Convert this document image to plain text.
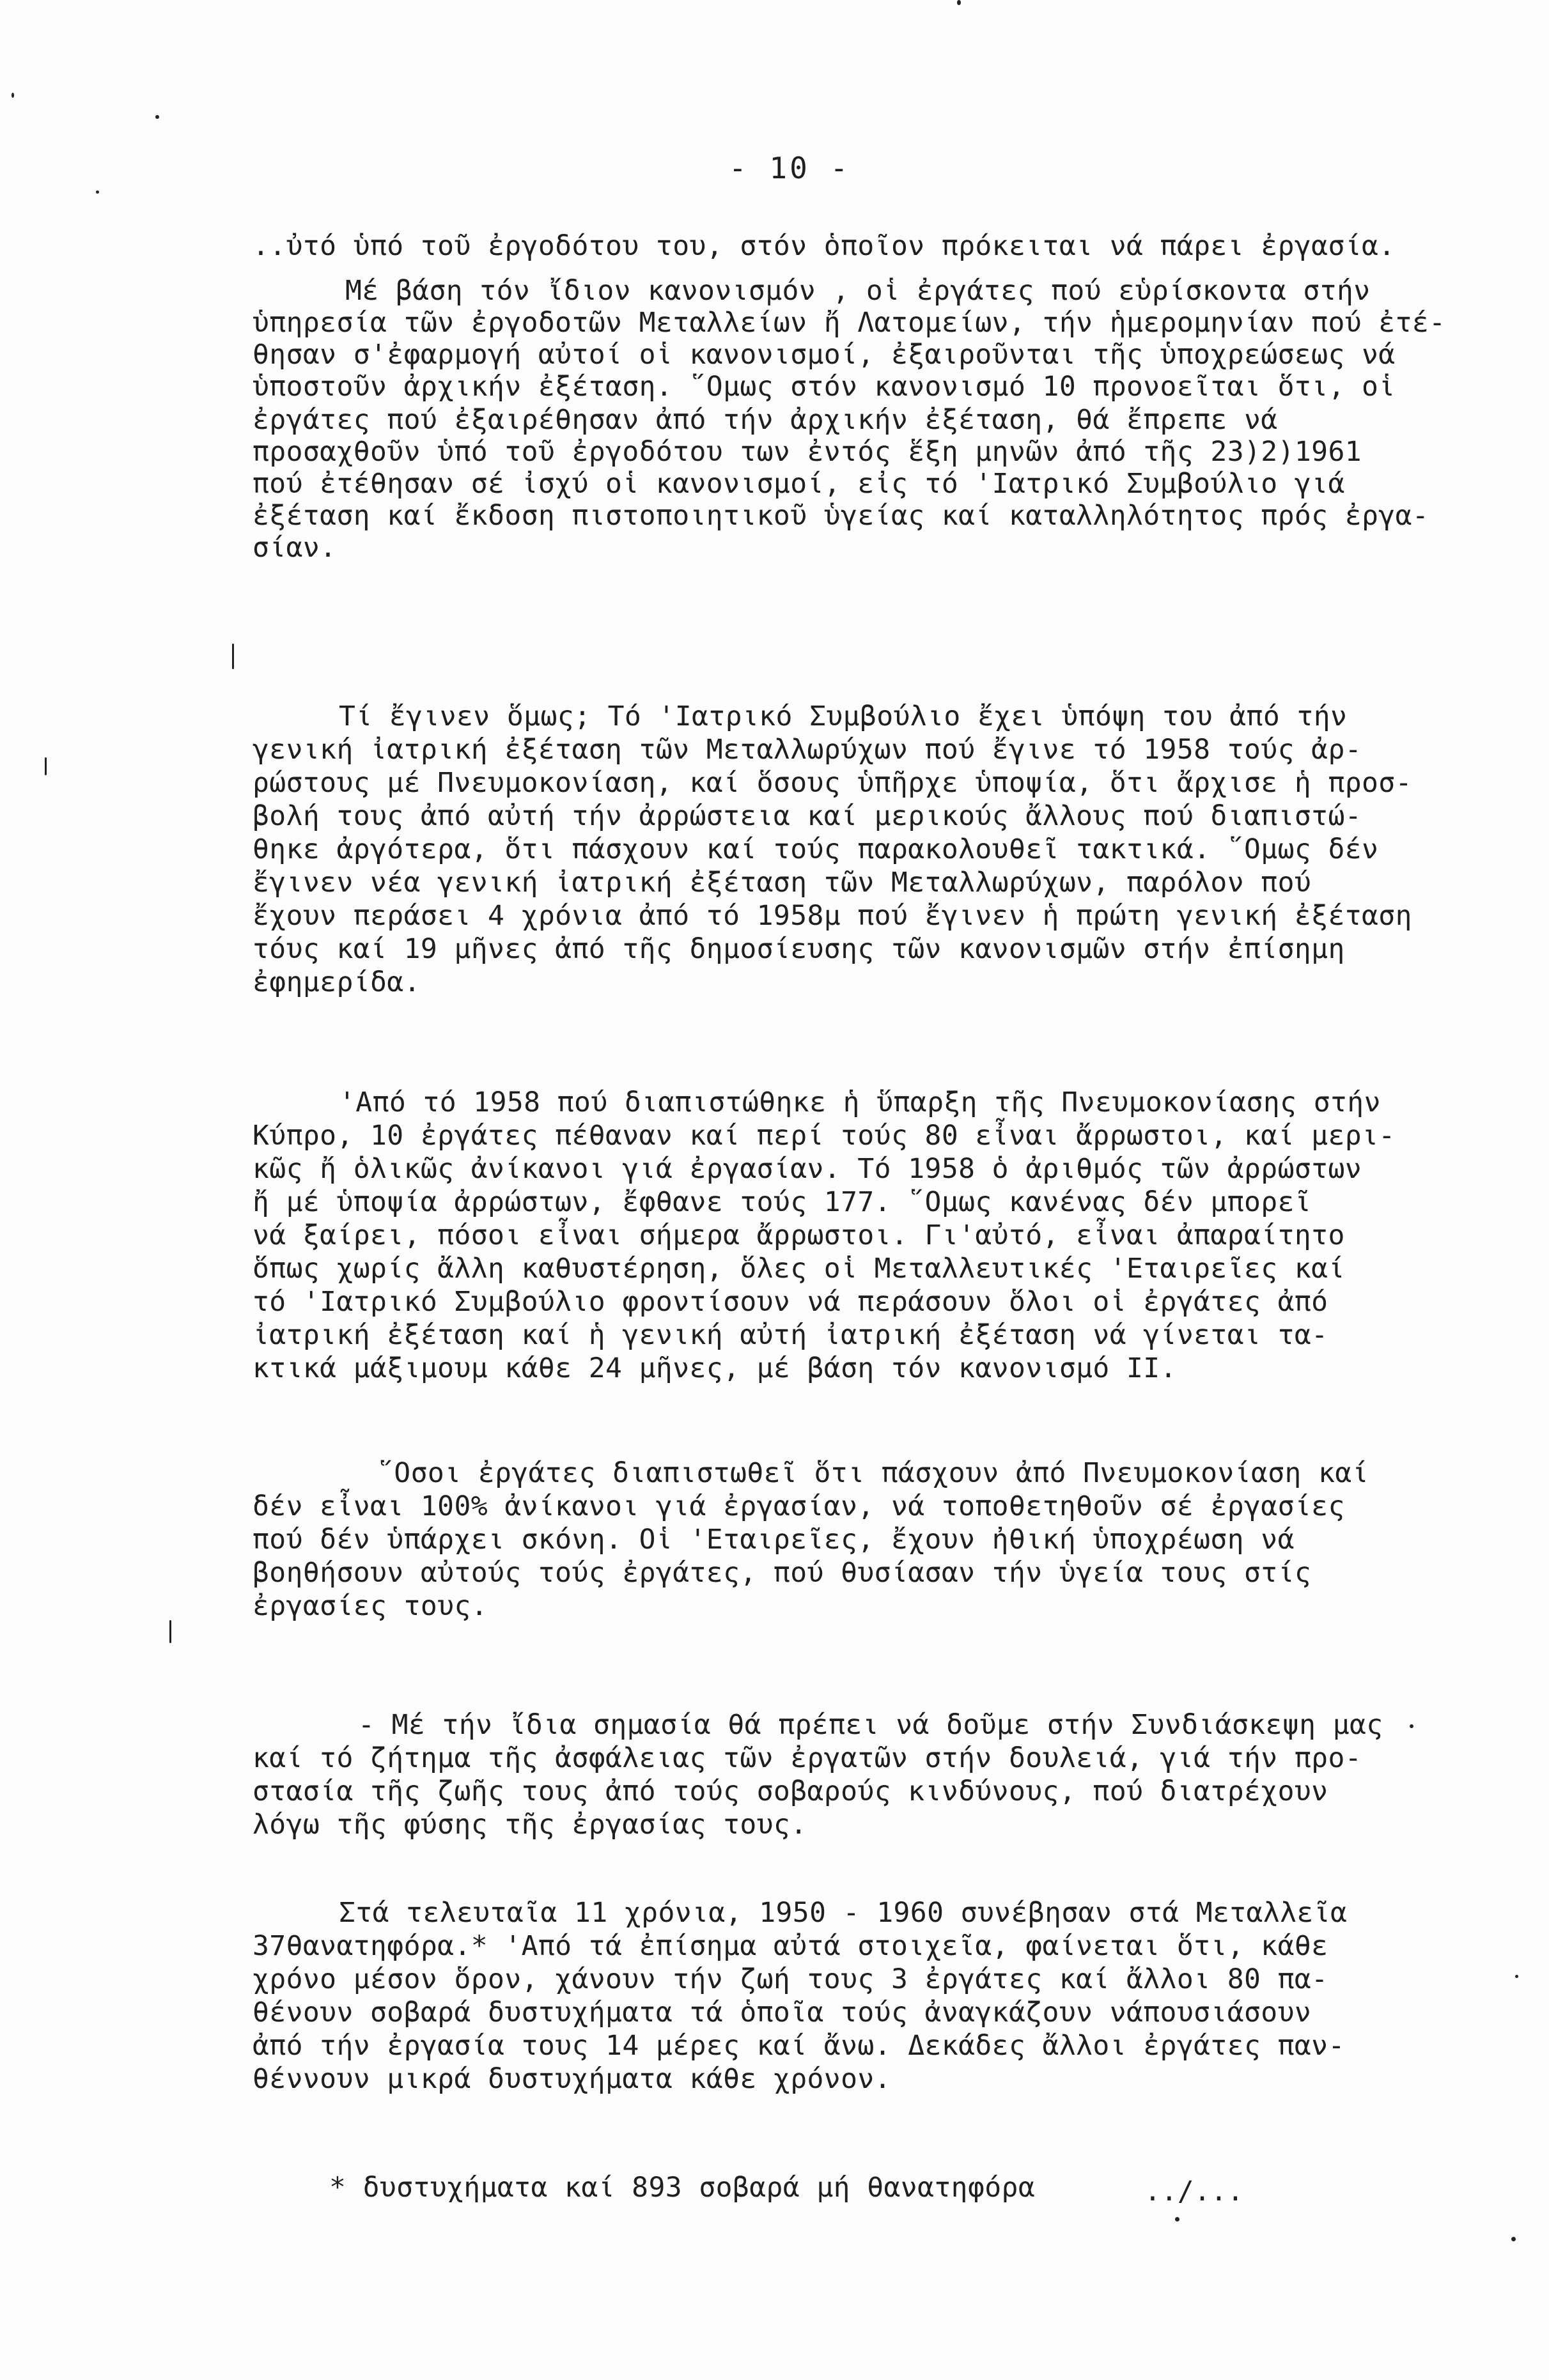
- 10 -
..ὐτό ὑπό τοῦ ἐργοδότου του, στόν ὁποῖον πρόκειται νά πάρει ἐργασία.
Μέ βάση τόν ἴδιον κανονισμόν , οἱ ἐργάτες πού εὑρίσκοντα στήν
ὑπηρεσία τῶν ἐργοδοτῶν Μεταλλείων ἤ Λατομείων, τήν ἡμερομηνίαν πού ἐτέ-
θησαν σ'ἐφαρμογή αὐτοί οἱ κανονισμοί, ἐξαιροῦνται τῆς ὑποχρεώσεως νά
ὑποστοῦν ἀρχικήν ἐξέταση. ῞Ομως στόν κανονισμό 10 προνοεῖται ὅτι, οἱ
ἐργάτες πού ἐξαιρέθησαν ἀπό τήν ἀρχικήν ἐξέταση, θά ἔπρεπε νά
προσαχθοῦν ὑπό τοῦ ἐργοδότου των ἐντός ἕξη μηνῶν ἀπό τῆς 23)2)1961
πού ἐτέθησαν σέ ἰσχύ οἱ κανονισμοί, εἰς τό 'Ιατρικό Συμβούλιο γιά
ἐξέταση καί ἔκδοση πιστοποιητικοῦ ὑγείας καί καταλληλότητος πρός ἐργα-
σίαν.
Τί ἔγινεν ὅμως; Τό 'Ιατρικό Συμβούλιο ἔχει ὑπόψη του ἀπό τήν
γενική ἰατρική ἐξέταση τῶν Μεταλλωρύχων πού ἔγινε τό 1958 τούς ἀρ-
ρώστους μέ Πνευμοκονίαση, καί ὅσους ὑπῆρχε ὑποψία, ὅτι ἄρχισε ἡ προσ-
βολή τους ἀπό αὐτή τήν ἀρρώστεια καί μερικούς ἄλλους πού διαπιστώ-
θηκε ἀργότερα, ὅτι πάσχουν καί τούς παρακολουθεῖ τακτικά. ῞Ομως δέν
ἔγινεν νέα γενική ἰατρική ἐξέταση τῶν Μεταλλωρύχων, παρόλον πού
ἔχουν περάσει 4 χρόνια ἀπό τό 1958μ πού ἔγινεν ἡ πρώτη γενική ἐξέταση
τόυς καί 19 μῆνες ἀπό τῆς δημοσίευσης τῶν κανονισμῶν στήν ἐπίσημη
ἐφημερίδα.
'Από τό 1958 πού διαπιστώθηκε ἡ ὕπαρξη τῆς Πνευμοκονίασης στήν
Κύπρο, 10 ἐργάτες πέθαναν καί περί τούς 80 εἶναι ἄρρωστοι, καί μερι-
κῶς ἤ ὁλικῶς ἀνίκανοι γιά ἐργασίαν. Τό 1958 ὁ ἀριθμός τῶν ἀρρώστων
ἤ μέ ὑποψία ἀρρώστων, ἔφθανε τούς 177. ῞Ομως κανένας δέν μπορεῖ
νά ξαίρει, πόσοι εἶναι σήμερα ἄρρωστοι. Γι'αὐτό, εἶναι ἀπαραίτητο
ὅπως χωρίς ἄλλη καθυστέρηση, ὅλες οἱ Μεταλλευτικές 'Εταιρεῖες καί
τό 'Ιατρικό Συμβούλιο φροντίσουν νά περάσουν ὅλοι οἱ ἐργάτες ἀπό
ἰατρική ἐξέταση καί ἡ γενική αὐτή ἰατρική ἐξέταση νά γίνεται τα-
κτικά μάξιμουμ κάθε 24 μῆνες, μέ βάση τόν κανονισμό ΙΙ.
῞Οσοι ἐργάτες διαπιστωθεῖ ὅτι πάσχουν ἀπό Πνευμοκονίαση καί
δέν εἶναι 100% ἀνίκανοι γιά ἐργασίαν, νά τοποθετηθοῦν σέ ἐργασίες
πού δέν ὑπάρχει σκόνη. Οἱ 'Εταιρεῖες, ἔχουν ἠθική ὑποχρέωση νά
βοηθήσουν αὐτούς τούς ἐργάτες, πού θυσίασαν τήν ὑγεία τους στίς
ἐργασίες τους.
- Μέ τήν ἴδια σημασία θά πρέπει νά δοῦμε στήν Συνδιάσκεψη μας
καί τό ζήτημα τῆς ἀσφάλειας τῶν ἐργατῶν στήν δουλειά, γιά τήν προ-
στασία τῆς ζωῆς τους ἀπό τούς σοβαρούς κινδύνους, πού διατρέχουν
λόγω τῆς φύσης τῆς ἐργασίας τους.
Στά τελευταῖα 11 χρόνια, 1950 - 1960 συνέβησαν στά Μεταλλεῖα
37θανατηφόρα.* 'Από τά ἐπίσημα αὐτά στοιχεῖα, φαίνεται ὅτι, κάθε
χρόνο μέσον ὅρον, χάνουν τήν ζωή τους 3 ἐργάτες καί ἄλλοι 80 πα-
θένουν σοβαρά δυστυχήματα τά ὁποῖα τούς ἀναγκάζουν νάπουσιάσουν
ἀπό τήν ἐργασία τους 14 μέρες καί ἄνω. Δεκάδες ἄλλοι ἐργάτες παν-
θέννουν μικρά δυστυχήματα κάθε χρόνον.
* δυστυχήματα καί 893 σοβαρά μή θανατηφόρα	../...
